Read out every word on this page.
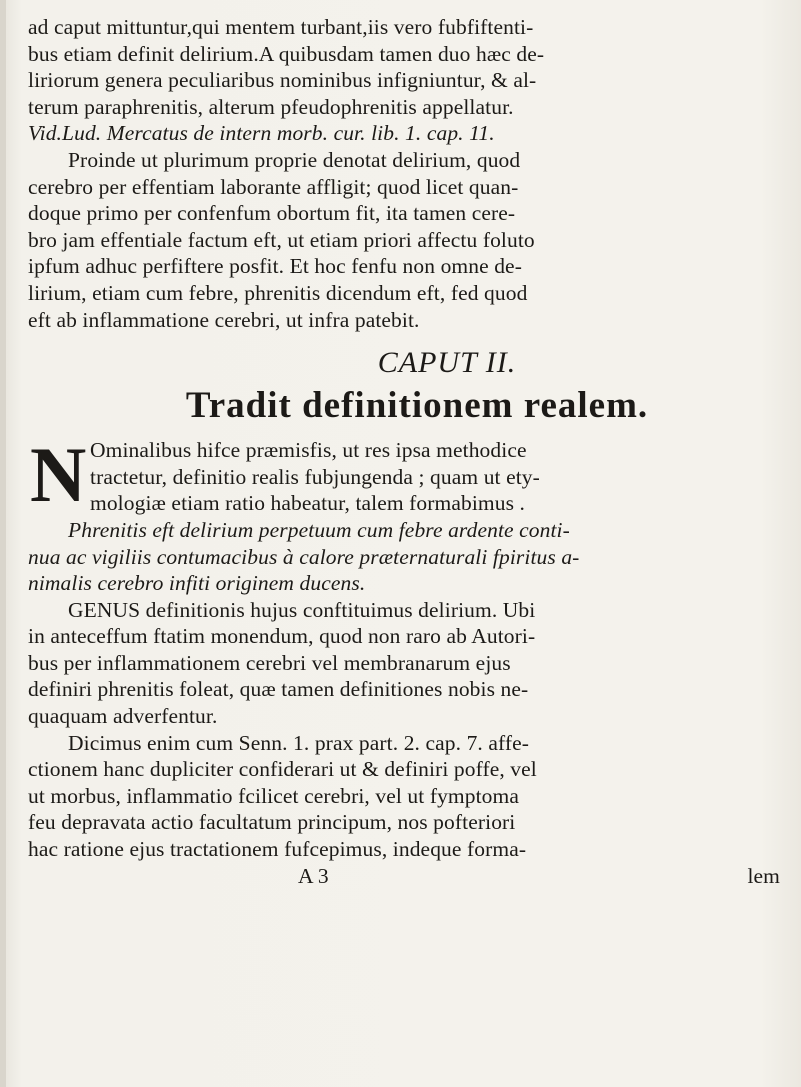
ad caput mittuntur,qui mentem turbant,iis vero fubfiftenti-
bus etiam definit delirium.A quibusdam tamen duo hæc de-
liriorum genera peculiaribus nominibus infigniuntur, & al-
terum paraphrenitis, alterum pfeudophrenitis appellatur.
Vid.Lud. Mercatus de intern morb. cur. lib. 1. cap. 11.
Proinde ut plurimum proprie denotat delirium, quod
cerebro per effentiam laborante affligit; quod licet quan-
doque primo per confenfum obortum fit, ita tamen cere-
bro jam effentiale factum eft, ut etiam priori affectu foluto
ipfum adhuc perfiftere posfit. Et hoc fenfu non omne de-
lirium, etiam cum febre, phrenitis dicendum eft, fed quod
eft ab inflammatione cerebri, ut infra patebit.
CAPUT II.
Tradit definitionem realem.
N Ominalibus hifce præmisfis, ut res ipsa methodice
tractetur, definitio realis fubjungenda ; quam ut ety-
mologiæ etiam ratio habeatur, talem formabimus .
Phrenitis eft delirium perpetuum cum febre ardente conti-
nua ac vigiliis contumacibus à calore præternaturali fpiritus a-
nimalis cerebro infiti originem ducens.
GENUS definitionis hujus conftituimus delirium. Ubi
in anteceffum ftatim monendum, quod non raro ab Autori-
bus per inflammationem cerebri vel membranarum ejus
definiri phrenitis foleat, quæ tamen definitiones nobis ne-
quaquam adverfentur.
Dicimus enim cum Senn. 1. prax part. 2. cap. 7. affe-
ctionem hanc dupliciter confiderari ut & definiri poffe, vel
ut morbus, inflammatio fcilicet cerebri, vel ut fymptoma
feu depravata actio facultatum principum, nos pofteriori
hac ratione ejus tractationem fufcepimus, indeque forma-
A 3	lem
